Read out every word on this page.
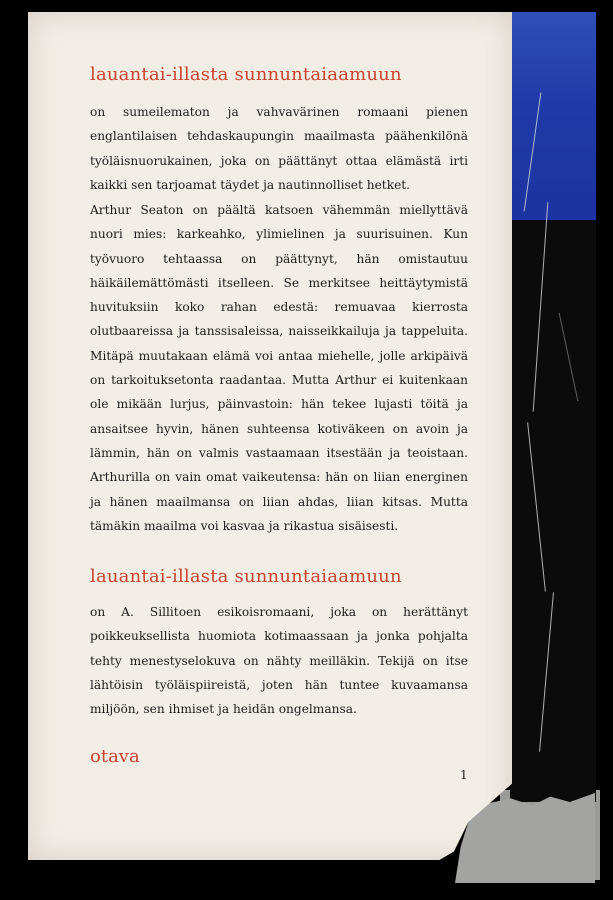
lauantai-illasta sunnuntaiaamuun

on sumeilematon ja vahvavärinen romaani pienen englantilaisen tehdaskaupungin maailmasta päähenkilönä työläisnuorukainen, joka on päättänyt ottaa elämästä irti kaikki sen tarjoamat täydet ja nautinnolliset hetket.

Arthur Seaton on päältä katsoen vähemmän miellyttävä nuori mies: karkeahko, ylimielinen ja suurisuinen. Kun työvuoro tehtaassa on päättynyt, hän omistautuu häikäilemättömästi itselleen. Se merkitsee heittäytymistä huvituksiin koko rahan edestä: remuavaa kierrosta olutbaareissa ja tanssisaleissa, naisseikkailuja ja tappeluita. Mitäpä muutakaan elämä voi antaa miehelle, jolle arkipäivä on tarkoituksetonta raadantaa. Mutta Arthur ei kuitenkaan ole mikään lurjus, päinvastoin: hän tekee lujasti töitä ja ansaitsee hyvin, hänen suhteensa kotiväkeen on avoin ja lämmin, hän on valmis vastaamaan itsestään ja teoistaan. Arthurilla on vain omat vaikeutensa: hän on liian energinen ja hänen maailmansa on liian ahdas, liian kitsas. Mutta tämäkin maailma voi kasvaa ja rikastua sisäisesti.

lauantai-illasta sunnuntaiaamuun

on A. Sillitoen esikoisromaani, joka on herättänyt poikkeuksellista huomiota kotimaassaan ja jonka pohjalta tehty menestyselokuva on nähty meilläkin. Tekijä on itse lähtöisin työläispiireistä, joten hän tuntee kuvaamansa miljöön, sen ihmiset ja heidän ongelmansa.

otava

1
